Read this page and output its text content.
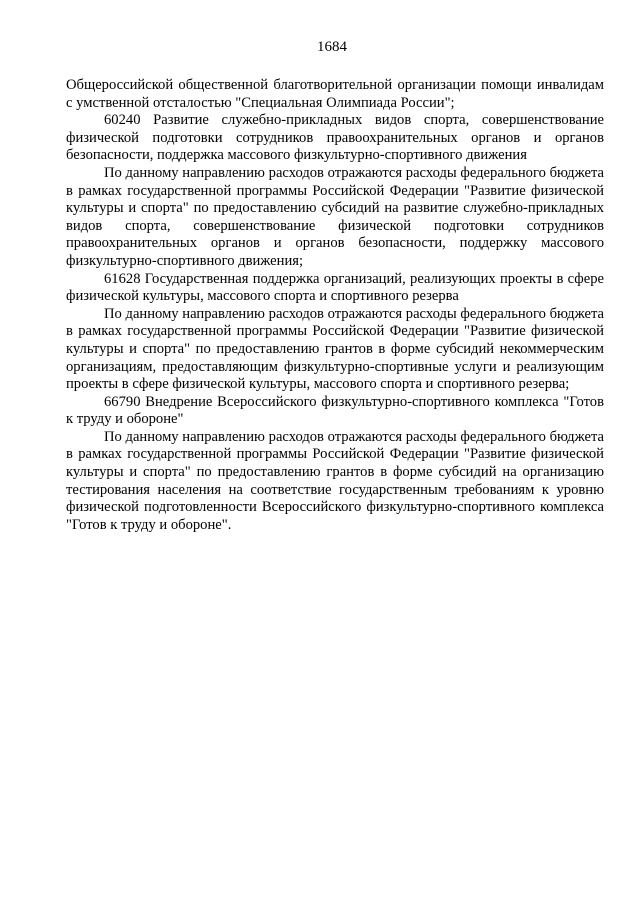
1684

Общероссийской общественной благотворительной организации помощи инвалидам с умственной отсталостью "Специальная Олимпиада России";

60240 Развитие служебно-прикладных видов спорта, совершенствование физической подготовки сотрудников правоохранительных органов и органов безопасности, поддержка массового физкультурно-спортивного движения

По данному направлению расходов отражаются расходы федерального бюджета в рамках государственной программы Российской Федерации "Развитие физической культуры и спорта" по предоставлению субсидий на развитие служебно-прикладных видов спорта, совершенствование физической подготовки сотрудников правоохранительных органов и органов безопасности, поддержку массового физкультурно-спортивного движения;

61628 Государственная поддержка организаций, реализующих проекты в сфере физической культуры, массового спорта и спортивного резерва

По данному направлению расходов отражаются расходы федерального бюджета в рамках государственной программы Российской Федерации "Развитие физической культуры и спорта" по предоставлению грантов в форме субсидий некоммерческим организациям, предоставляющим физкультурно-спортивные услуги и реализующим проекты в сфере физической культуры, массового спорта и спортивного резерва;

66790 Внедрение Всероссийского физкультурно-спортивного комплекса "Готов к труду и обороне"

По данному направлению расходов отражаются расходы федерального бюджета в рамках государственной программы Российской Федерации "Развитие физической культуры и спорта" по предоставлению грантов в форме субсидий на организацию тестирования населения на соответствие государственным требованиям к уровню физической подготовленности Всероссийского физкультурно-спортивного комплекса "Готов к труду и обороне".
